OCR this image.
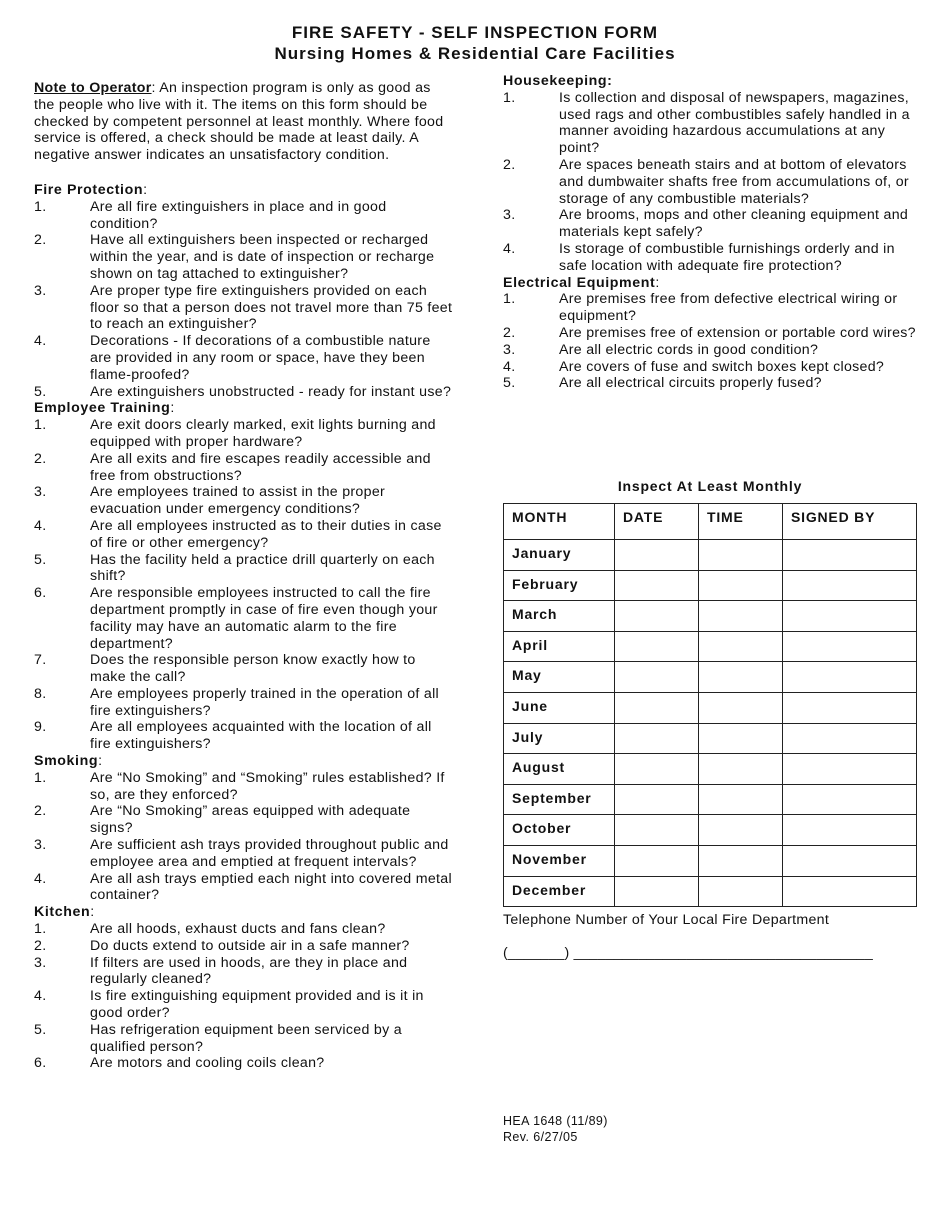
FIRE SAFETY - SELF INSPECTION FORM
Nursing Homes & Residential Care Facilities

Note to Operator: An inspection program is only as good as the people who live with it. The items on this form should be checked by competent personnel at least monthly. Where food service is offered, a check should be made at least daily. A negative answer indicates an unsatisfactory condition.

Fire Protection:
1.	Are all fire extinguishers in place and in good condition?
2.	Have all extinguishers been inspected or recharged within the year, and is date of inspection or recharge shown on tag attached to extinguisher?
3.	Are proper type fire extinguishers provided on each floor so that a person does not travel more than 75 feet to reach an extinguisher?
4.	Decorations - If decorations of a combustible nature are provided in any room or space, have they been flame-proofed?
5.	Are extinguishers unobstructed - ready for instant use?
Employee Training:
1.	Are exit doors clearly marked, exit lights burning and equipped with proper hardware?
2.	Are all exits and fire escapes readily accessible and free from obstructions?
3.	Are employees trained to assist in the proper evacuation under emergency conditions?
4.	Are all employees instructed as to their duties in case of fire or other emergency?
5.	Has the facility held a practice drill quarterly on each shift?
6.	Are responsible employees instructed to call the fire department promptly in case of fire even though your facility may have an automatic alarm to the fire department?
7.	Does the responsible person know exactly how to make the call?
8.	Are employees properly trained in the operation of all fire extinguishers?
9.	Are all employees acquainted with the location of all fire extinguishers?
Smoking:
1.	Are “No Smoking” and “Smoking” rules established? If so, are they enforced?
2.	Are “No Smoking” areas equipped with adequate signs?
3.	Are sufficient ash trays provided throughout public and employee area and emptied at frequent intervals?
4.	Are all ash trays emptied each night into covered metal container?
Kitchen:
1.	Are all hoods, exhaust ducts and fans clean?
2.	Do ducts extend to outside air in a safe manner?
3.	If filters are used in hoods, are they in place and regularly cleaned?
4.	Is fire extinguishing equipment provided and is it in good order?
5.	Has refrigeration equipment been serviced by a qualified person?
6.	Are motors and cooling coils clean?
Housekeeping:
1.	Is collection and disposal of newspapers, magazines, used rags and other combustibles safely handled in a manner avoiding hazardous accumulations at any point?
2.	Are spaces beneath stairs and at bottom of elevators and dumbwaiter shafts free from accumulations of, or storage of any combustible materials?
3.	Are brooms, mops and other cleaning equipment and materials kept safely?
4.	Is storage of combustible furnishings orderly and in safe location with adequate fire protection?
Electrical Equipment:
1.	Are premises free from defective electrical wiring or equipment?
2.	Are premises free of extension or portable cord wires?
3.	Are all electric cords in good condition?
4.	Are covers of fuse and switch boxes kept closed?
5.	Are all electrical circuits properly fused?
Inspect At Least Monthly
MONTH	DATE	TIME	SIGNED BY
January			
February			
March			
April			
May			
June			
July			
August			
September			
October			
November			
December			
Telephone Number of Your Local Fire Department
(_______) _____________________________________
HEA 1648 (11/89)
Rev. 6/27/05
